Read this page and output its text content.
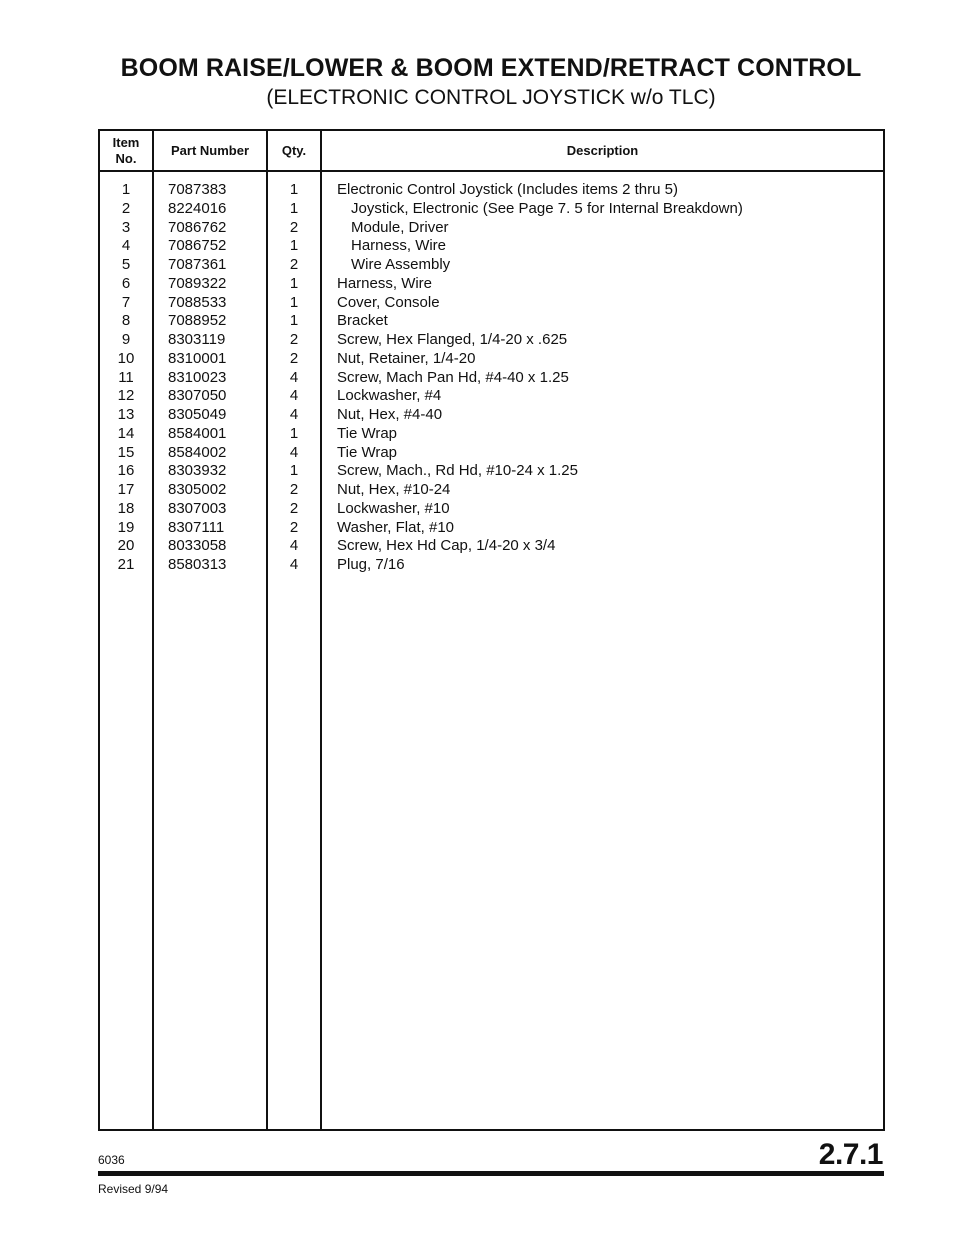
BOOM RAISE/LOWER & BOOM EXTEND/RETRACT CONTROL
(ELECTRONIC CONTROL JOYSTICK w/o TLC)
Item
No.
Part Number	Qty.	Description
1	7087383	1	Electronic Control Joystick (Includes items 2 thru 5)
2	8224016	1	Joystick, Electronic (See Page 7. 5 for Internal Breakdown)
3	7086762	2	Module, Driver
4	7086752	1	Harness, Wire
5	7087361	2	Wire Assembly
6	7089322	1	Harness, Wire
7	7088533	1	Cover, Console
8	7088952	1	Bracket
9	8303119	2	Screw, Hex Flanged, 1/4-20 x .625
10	8310001	2	Nut, Retainer, 1/4-20
11	8310023	4	Screw, Mach Pan Hd, #4-40 x 1.25
12	8307050	4	Lockwasher, #4
13	8305049	4	Nut, Hex, #4-40
14	8584001	1	Tie Wrap
15	8584002	4	Tie Wrap
16	8303932	1	Screw, Mach., Rd Hd, #10-24 x 1.25
17	8305002	2	Nut, Hex, #10-24
18	8307003	2	Lockwasher, #10
19	8307111	2	Washer, Flat, #10
20	8033058	4	Screw, Hex Hd Cap, 1/4-20 x 3/4
21	8580313	4	Plug, 7/16
6036	2.7.1
Revised 9/94
